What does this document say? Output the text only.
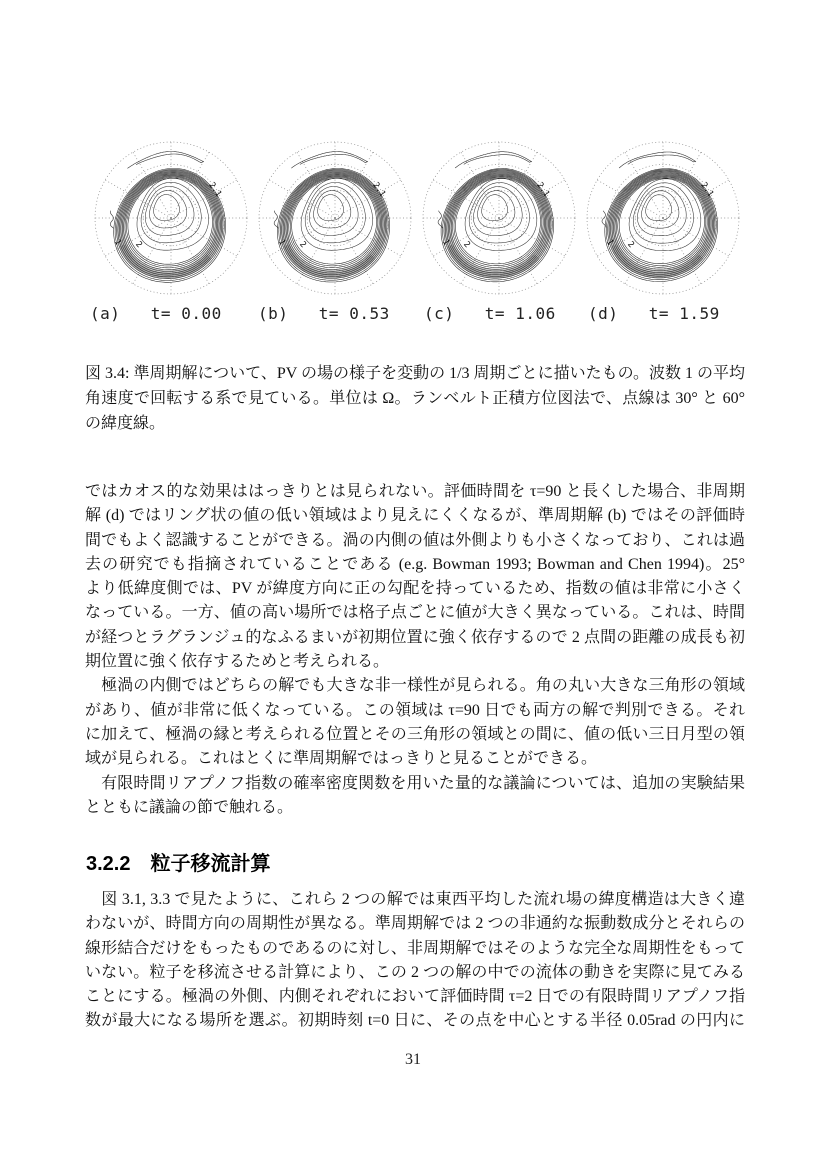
2.1
1 2
2.1
1 2
2.1
1 2
2.1
1 2
(a)   t= 0.00 (b)   t= 0.53 (c)   t= 1.06 (d)   t= 1.59
図 3.4: 準周期解について、PV の場の様子を変動の 1/3 周期ごとに描いたもの。波数 1 の平均
角速度で回転する系で見ている。単位は Ω。ランベルト正積方位図法で、点線は 30° と 60°
の緯度線。
ではカオス的な効果ははっきりとは見られない。評価時間を τ=90 と長くした場合、非周期
解 (d) ではリング状の値の低い領域はより見えにくくなるが、準周期解 (b) ではその評価時
間でもよく認識することができる。渦の内側の値は外側よりも小さくなっており、これは過
去の研究でも指摘されていることである (e.g. Bowman 1993; Bowman and Chen 1994)。25°
より低緯度側では、PV が緯度方向に正の勾配を持っているため、指数の値は非常に小さく
なっている。一方、値の高い場所では格子点ごとに値が大きく異なっている。これは、時間
が経つとラグランジュ的なふるまいが初期位置に強く依存するので 2 点間の距離の成長も初
期位置に強く依存するためと考えられる。
　極渦の内側ではどちらの解でも大きな非一様性が見られる。角の丸い大きな三角形の領域
があり、値が非常に低くなっている。この領域は τ=90 日でも両方の解で判別できる。それ
に加えて、極渦の縁と考えられる位置とその三角形の領域との間に、値の低い三日月型の領
域が見られる。これはとくに準周期解ではっきりと見ることができる。
　有限時間リアプノフ指数の確率密度関数を用いた量的な議論については、追加の実験結果
とともに議論の節で触れる。
3.2.2 粒子移流計算
　図 3.1, 3.3 で見たように、これら 2 つの解では東西平均した流れ場の緯度構造は大きく違
わないが、時間方向の周期性が異なる。準周期解では 2 つの非通約な振動数成分とそれらの
線形結合だけをもったものであるのに対し、非周期解ではそのような完全な周期性をもって
いない。粒子を移流させる計算により、この 2 つの解の中での流体の動きを実際に見てみる
ことにする。極渦の外側、内側それぞれにおいて評価時間 τ=2 日での有限時間リアプノフ指
数が最大になる場所を選ぶ。初期時刻 t=0 日に、その点を中心とする半径 0.05rad の円内に
31
